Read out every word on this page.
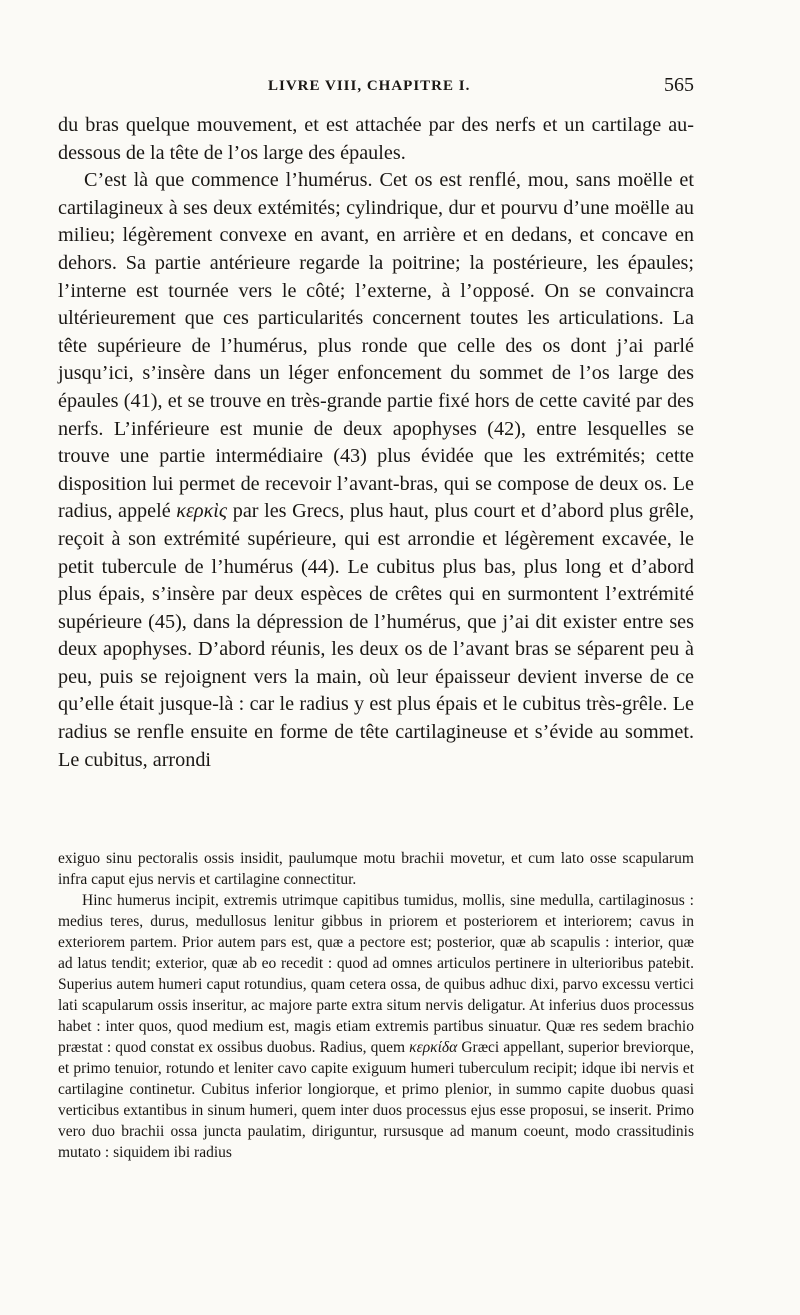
LIVRE VIII, CHAPITRE I.	565

du bras quelque mouvement, et est attachée par des nerfs et un cartilage au-dessous de la tête de l’os large des épaules.

C’est là que commence l’humérus. Cet os est renflé, mou, sans moëlle et cartilagineux à ses deux extémités; cylindrique, dur et pourvu d’une moëlle au milieu; légèrement convexe en avant, en arrière et en dedans, et concave en dehors. Sa partie antérieure regarde la poitrine; la postérieure, les épaules; l’interne est tournée vers le côté; l’externe, à l’opposé. On se convaincra ultérieurement que ces particularités concernent toutes les articulations. La tête supérieure de l’humérus, plus ronde que celle des os dont j’ai parlé jusqu’ici, s’insère dans un léger enfoncement du sommet de l’os large des épaules (41), et se trouve en très-grande partie fixé hors de cette cavité par des nerfs. L’inférieure est munie de deux apophyses (42), entre lesquelles se trouve une partie intermédiaire (43) plus évidée que les extrémités; cette disposition lui permet de recevoir l’avant-bras, qui se compose de deux os. Le radius, appelé κερκὶς par les Grecs, plus haut, plus court et d’abord plus grêle, reçoit à son extrémité supérieure, qui est arrondie et légèrement excavée, le petit tubercule de l’humérus (44). Le cubitus plus bas, plus long et d’abord plus épais, s’insère par deux espèces de crêtes qui en surmontent l’extrémité supérieure (45), dans la dépression de l’humérus, que j’ai dit exister entre ses deux apophyses. D’abord réunis, les deux os de l’avant bras se séparent peu à peu, puis se rejoignent vers la main, où leur épaisseur devient inverse de ce qu’elle était jusque-là : car le radius y est plus épais et le cubitus très-grêle. Le radius se renfle ensuite en forme de tête cartilagineuse et s’évide au sommet. Le cubitus, arrondi

exiguo sinu pectoralis ossis insidit, paulumque motu brachii movetur, et cum lato osse scapularum infra caput ejus nervis et cartilagine connectitur.

Hinc humerus incipit, extremis utrimque capitibus tumidus, mollis, sine medulla, cartilaginosus : medius teres, durus, medullosus lenitur gibbus in priorem et posteriorem et interiorem; cavus in exteriorem partem. Prior autem pars est, quæ a pectore est; posterior, quæ ab scapulis : interior, quæ ad latus tendit; exterior, quæ ab eo recedit : quod ad omnes articulos pertinere in ulterioribus patebit. Superius autem humeri caput rotundius, quam cetera ossa, de quibus adhuc dixi, parvo excessu vertici lati scapularum ossis inseritur, ac majore parte extra situm nervis deligatur. At inferius duos processus habet : inter quos, quod medium est, magis etiam extremis partibus sinuatur. Quæ res sedem brachio præstat : quod constat ex ossibus duobus. Radius, quem κερκίδα Græci appellant, superior breviorque, et primo tenuior, rotundo et leniter cavo capite exiguum humeri tuberculum recipit; idque ibi nervis et cartilagine continetur. Cubitus inferior longiorque, et primo plenior, in summo capite duobus quasi verticibus extantibus in sinum humeri, quem inter duos processus ejus esse proposui, se inserit. Primo vero duo brachii ossa juncta paulatim, diriguntur, rursusque ad manum coeunt, modo crassitudinis mutato : siquidem ibi radius
